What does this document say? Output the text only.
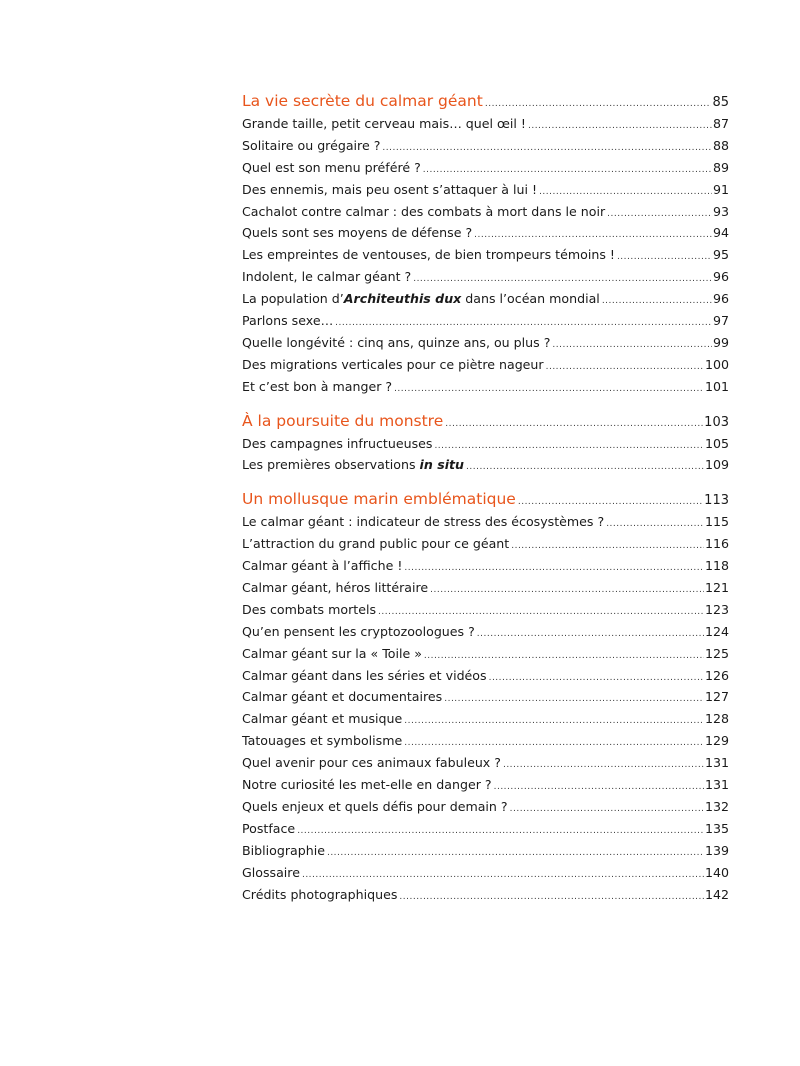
La vie secrète du calmar géant .....	85
Grande taille, petit cerveau mais… quel œil ! .....	87
Solitaire ou grégaire ? .....	88
Quel est son menu préféré ? .....	89
Des ennemis, mais peu osent s’attaquer à lui ! .....	91
Cachalot contre calmar : des combats à mort dans le noir .....	93
Quels sont ses moyens de défense ? .....	94
Les empreintes de ventouses, de bien trompeurs témoins ! .....	95
Indolent, le calmar géant ? .....	96
La population d’Architeuthis dux dans l’océan mondial .....	96
Parlons sexe… .....	97
Quelle longévité : cinq ans, quinze ans, ou plus ? .....	99
Des migrations verticales pour ce piètre nageur .....	100
Et c’est bon à manger ? .....	101
À la poursuite du monstre .....	103
Des campagnes infructueuses .....	105
Les premières observations in situ .....	109
Un mollusque marin emblématique .....	113
Le calmar géant : indicateur de stress des écosystèmes ? .....	115
L’attraction du grand public pour ce géant .....	116
Calmar géant à l’affiche ! .....	118
Calmar géant, héros littéraire .....	121
Des combats mortels .....	123
Qu’en pensent les cryptozoologues ? .....	124
Calmar géant sur la « Toile » .....	125
Calmar géant dans les séries et vidéos .....	126
Calmar géant et documentaires .....	127
Calmar géant et musique .....	128
Tatouages et symbolisme .....	129
Quel avenir pour ces animaux fabuleux ? .....	131
Notre curiosité les met-elle en danger ? .....	131
Quels enjeux et quels défis pour demain ? .....	132
Postface .....	135
Bibliographie .....	139
Glossaire .....	140
Crédits photographiques .....	142
